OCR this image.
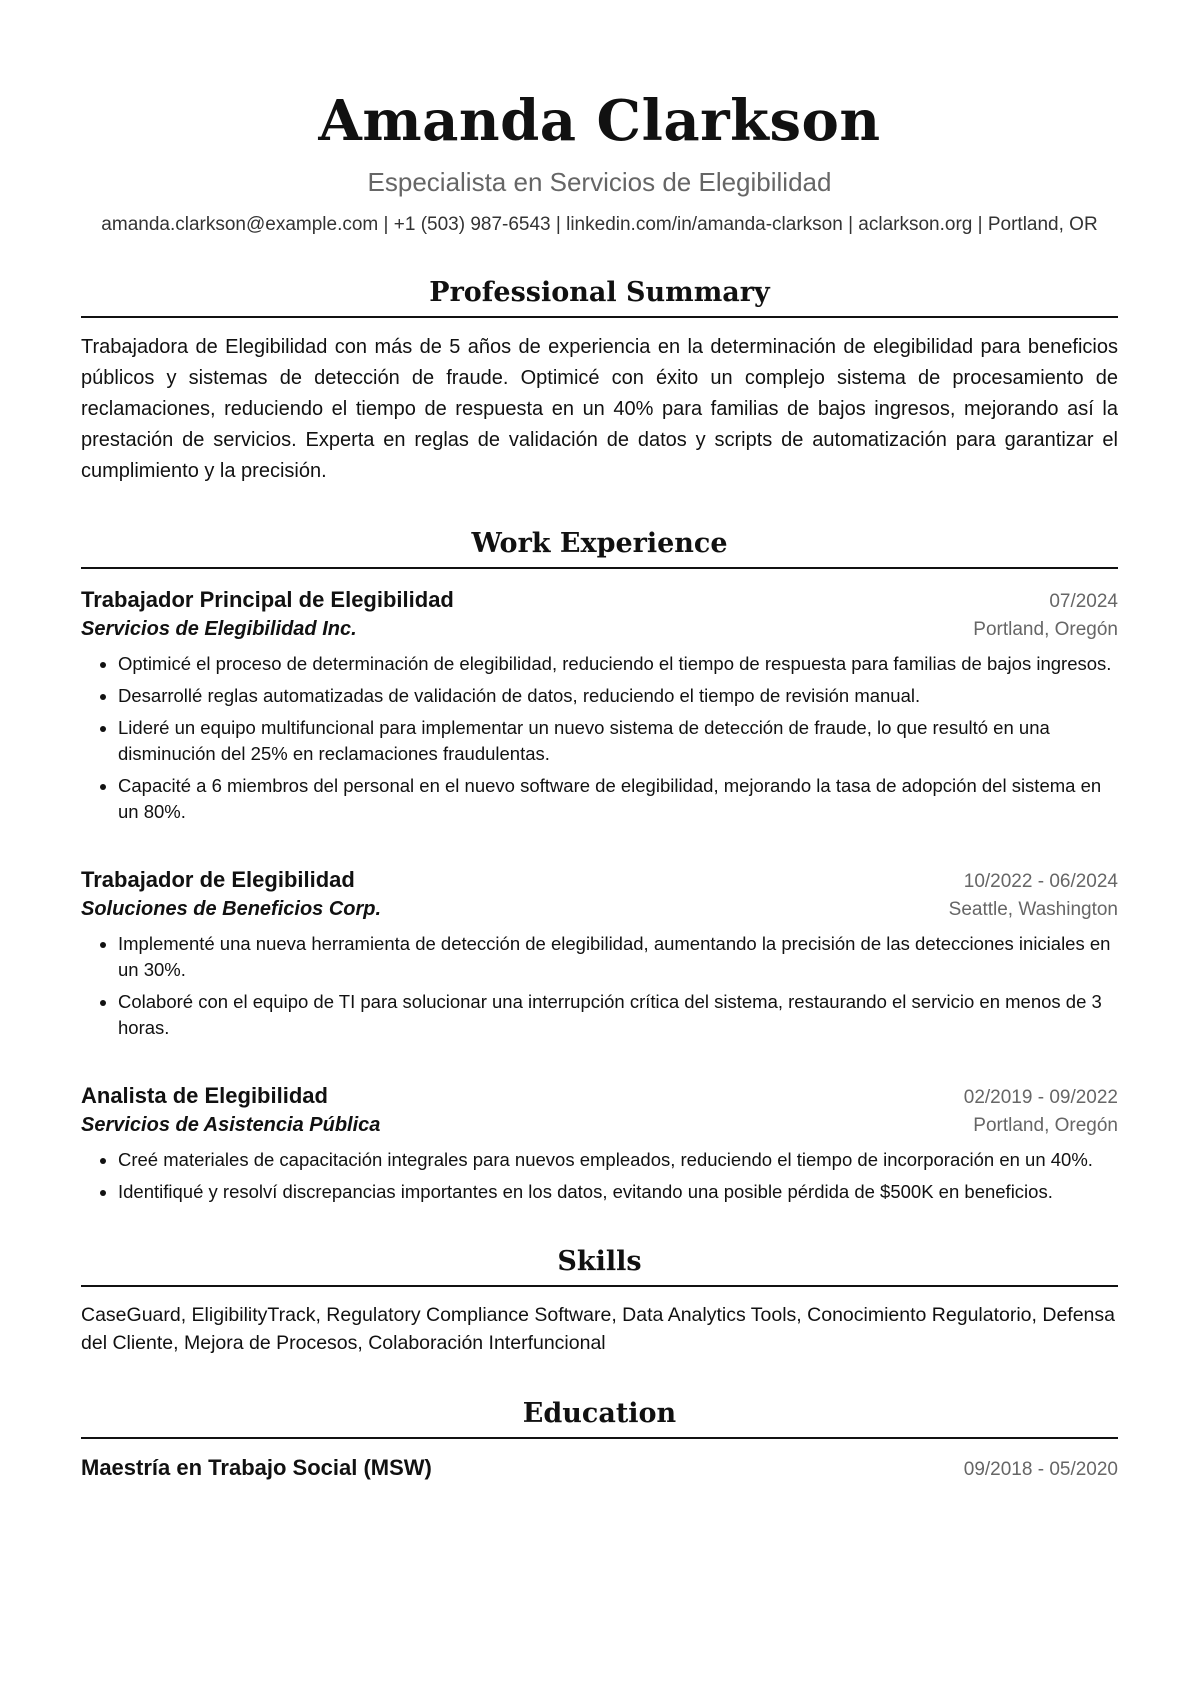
Amanda Clarkson
Especialista en Servicios de Elegibilidad
amanda.clarkson@example.com | +1 (503) 987-6543 | linkedin.com/in/amanda-clarkson | aclarkson.org | Portland, OR
Professional Summary
Trabajadora de Elegibilidad con más de 5 años de experiencia en la determinación de elegibilidad para beneficios públicos y sistemas de detección de fraude. Optimicé con éxito un complejo sistema de procesamiento de reclamaciones, reduciendo el tiempo de respuesta en un 40% para familias de bajos ingresos, mejorando así la prestación de servicios. Experta en reglas de validación de datos y scripts de automatización para garantizar el cumplimiento y la precisión.
Work Experience
Trabajador Principal de Elegibilidad	07/2024
Servicios de Elegibilidad Inc.	Portland, Oregón
• Optimicé el proceso de determinación de elegibilidad, reduciendo el tiempo de respuesta para familias de bajos ingresos.
• Desarrollé reglas automatizadas de validación de datos, reduciendo el tiempo de revisión manual.
• Lideré un equipo multifuncional para implementar un nuevo sistema de detección de fraude, lo que resultó en una disminución del 25% en reclamaciones fraudulentas.
• Capacité a 6 miembros del personal en el nuevo software de elegibilidad, mejorando la tasa de adopción del sistema en un 80%.
Trabajador de Elegibilidad	10/2022 - 06/2024
Soluciones de Beneficios Corp.	Seattle, Washington
• Implementé una nueva herramienta de detección de elegibilidad, aumentando la precisión de las detecciones iniciales en un 30%.
• Colaboré con el equipo de TI para solucionar una interrupción crítica del sistema, restaurando el servicio en menos de 3 horas.
Analista de Elegibilidad	02/2019 - 09/2022
Servicios de Asistencia Pública	Portland, Oregón
• Creé materiales de capacitación integrales para nuevos empleados, reduciendo el tiempo de incorporación en un 40%.
• Identifiqué y resolví discrepancias importantes en los datos, evitando una posible pérdida de $500K en beneficios.
Skills
CaseGuard, EligibilityTrack, Regulatory Compliance Software, Data Analytics Tools, Conocimiento Regulatorio, Defensa del Cliente, Mejora de Procesos, Colaboración Interfuncional
Education
Maestría en Trabajo Social (MSW)	09/2018 - 05/2020
